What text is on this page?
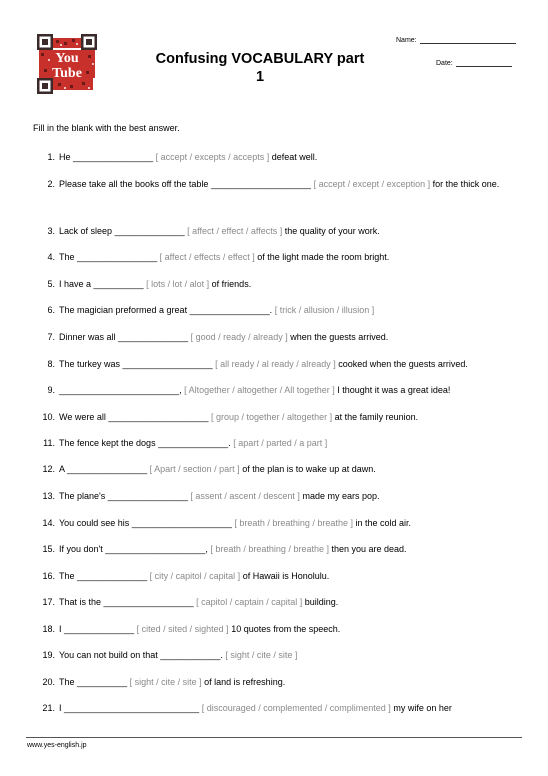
You
Tube
Confusing VOCABULARY part
1
Name:
Date:
Fill in the blank with the best answer.
1. He ________________ [ accept / excepts / accepts ] defeat well.
2. Please take all the books off the table ____________________ [ accept / except / exception ] for the thick one.
3. Lack of sleep ______________ [ affect / effect / affects ] the quality of your work.
4. The ________________ [ affect / effects / effect ] of the light made the room bright.
5. I have a __________ [ lots / lot / alot ] of friends.
6. The magician preformed a great ________________. [ trick / allusion / illusion ]
7. Dinner was all ______________ [ good / ready / already ] when the guests arrived.
8. The turkey was __________________ [ all ready / al ready / already ] cooked when the guests arrived.
9. ________________________, [ Altogether / altogether / All together ] I thought it was a great idea!
10. We were all ____________________ [ group / together / altogether ] at the family reunion.
11. The fence kept the dogs ______________. [ apart / parted / a part ]
12. A ________________ [ Apart / section / part ] of the plan is to wake up at dawn.
13. The plane's ________________ [ assent / ascent / descent ] made my ears pop.
14. You could see his ____________________ [ breath / breathing / breathe ] in the cold air.
15. If you don't ____________________, [ breath / breathing / breathe ] then you are dead.
16. The ______________ [ city / capitol / capital ] of Hawaii is Honolulu.
17. That is the __________________ [ capitol / captain / capital ] building.
18. I ______________ [ cited / sited / sighted ] 10 quotes from the speech.
19. You can not build on that ____________. [ sight / cite / site ]
20. The __________ [ sight / cite / site ] of land is refreshing.
21. I ___________________________ [ discouraged / complemented / complimented ] my wife on her
www.yes-english.jp
